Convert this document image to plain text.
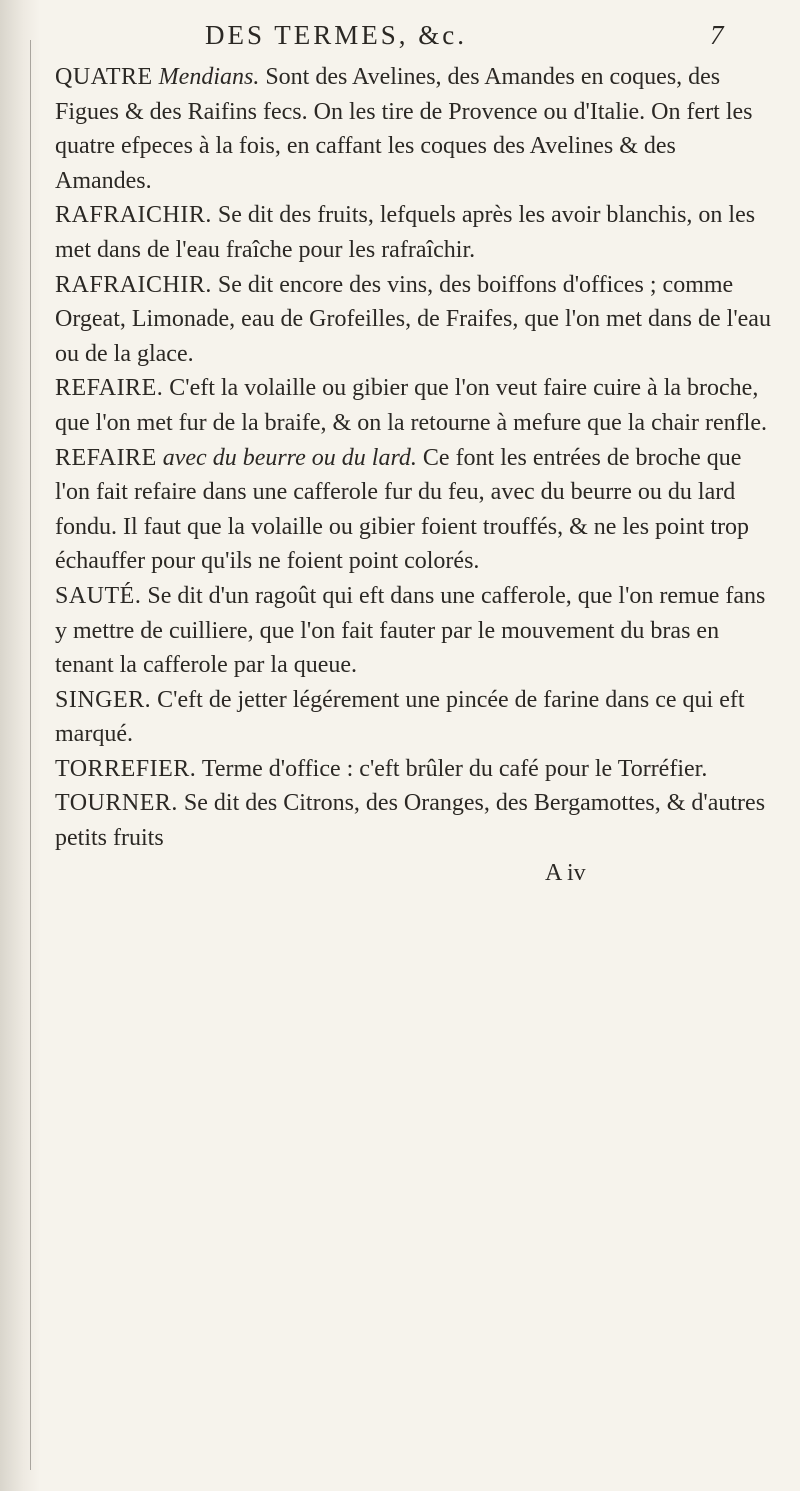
DES TERMES, &c.	7

QUATRE Mendians. Sont des Avelines, des Amandes en coques, des Figues & des Raifins fecs. On les tire de Provence ou d'Italie. On fert les quatre efpeces à la fois, en caffant les coques des Avelines & des Amandes.

RAFRAICHIR. Se dit des fruits, lefquels après les avoir blanchis, on les met dans de l'eau fraîche pour les rafraîchir.

RAFRAICHIR. Se dit encore des vins, des boiffons d'offices ; comme Orgeat, Limonade, eau de Grofeilles, de Fraifes, que l'on met dans de l'eau ou de la glace.

REFAIRE. C'eft la volaille ou gibier que l'on veut faire cuire à la broche, que l'on met fur de la braife, & on la retourne à mefure que la chair renfle.

REFAIRE avec du beurre ou du lard. Ce font les entrées de broche que l'on fait refaire dans une cafferole fur du feu, avec du beurre ou du lard fondu. Il faut que la volaille ou gibier foient trouffés, & ne les point trop échauffer pour qu'ils ne foient point colorés.

SAUTÉ. Se dit d'un ragoût qui eft dans une cafferole, que l'on remue fans y mettre de cuilliere, que l'on fait fauter par le mouvement du bras en tenant la cafferole par la queue.

SINGER. C'eft de jetter légérement une pincée de farine dans ce qui eft marqué.

TORREFIER. Terme d'office : c'eft brûler du café pour le Torréfier.

TOURNER. Se dit des Citrons, des Oranges, des Bergamottes, & d'autres petits fruits

A iv
